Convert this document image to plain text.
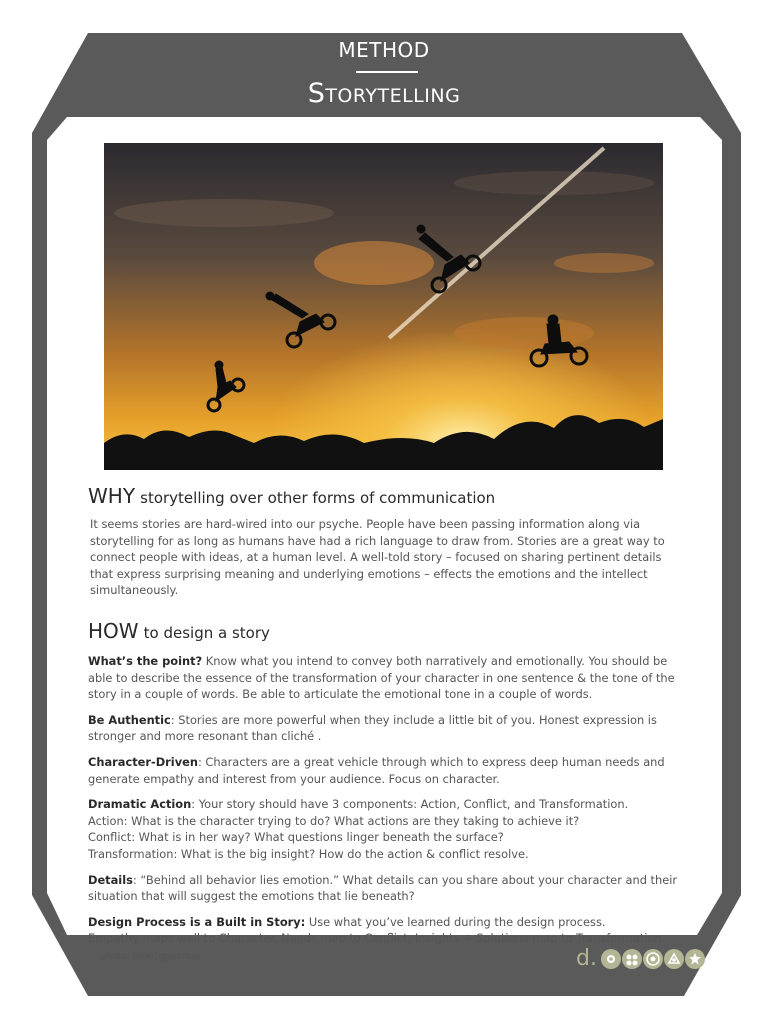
METHOD
Storytelling
WHY storytelling over other forms of communication

It seems stories are hard-wired into our psyche. People have been passing information along via storytelling for as long as humans have had a rich language to draw from. Stories are a great way to connect people with ideas, at a human level. A well-told story – focused on sharing pertinent details that express surprising meaning and underlying emotions – effects the emotions and the intellect simultaneously.

HOW to design a story
What’s the point? Know what you intend to convey both narratively and emotionally. You should be able to describe the essence of the transformation of your character in one sentence & the tone of the story in a couple of words. Be able to articulate the emotional tone in a couple of words.
Be Authentic: Stories are more powerful when they include a little bit of you. Honest expression is stronger and more resonant than cliché .
Character-Driven: Characters are a great vehicle through which to express deep human needs and generate empathy and interest from your audience. Focus on character.
Dramatic Action: Your story should have 3 components: Action, Conflict, and Transformation.
Action: What is the character trying to do? What actions are they taking to achieve it?
Conflict: What is in her way? What questions linger beneath the surface?
Transformation: What is the big insight? How do the action & conflict resolve.
Details: “Behind all behavior lies emotion.” What details can you share about your character and their situation that will suggest the emotions that lie beneath?
Design Process is a Built in Story: Use what you’ve learned during the design process.
Empathy maps well to Character. Needs map to Conflict, Insights + Solutions map to Transformation.
photo: flickr/gpwarlow	d.
